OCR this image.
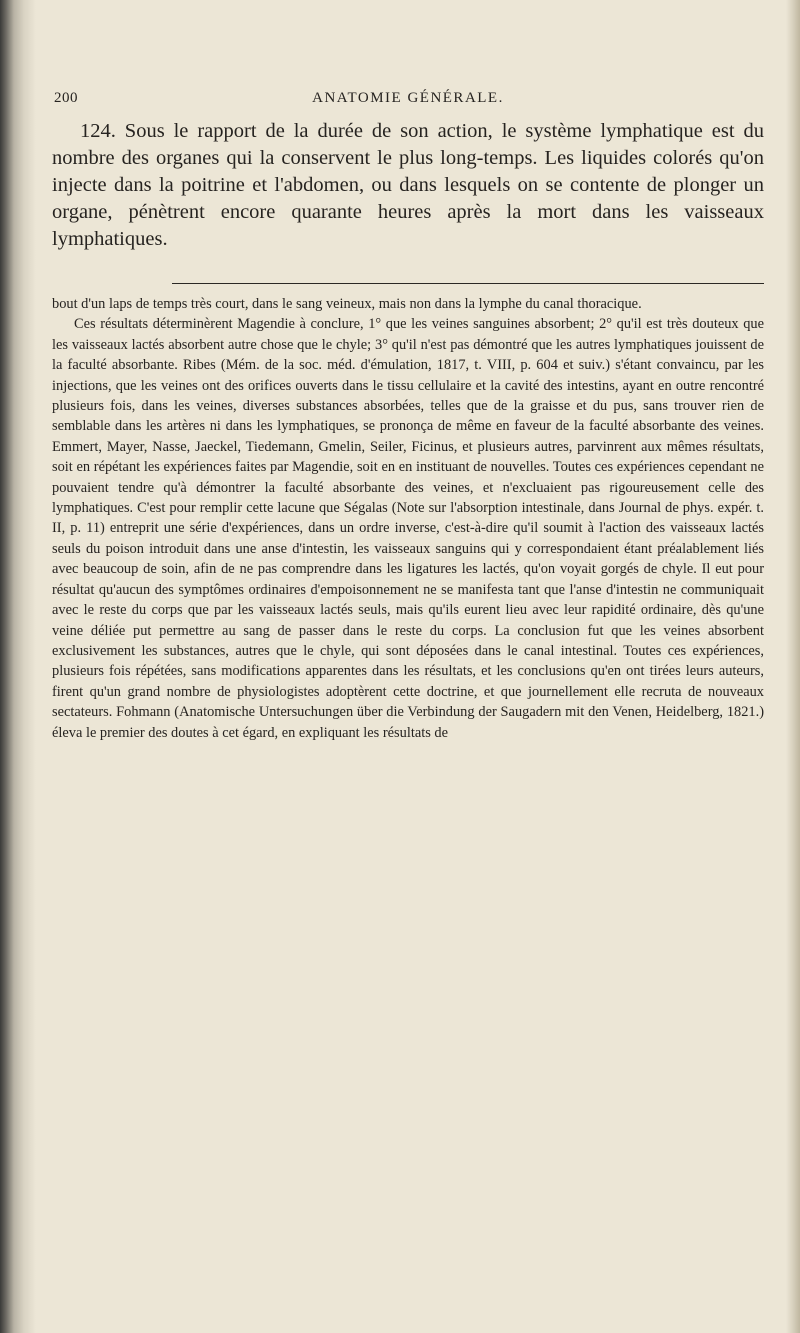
200	ANATOMIE GÉNÉRALE.

124. Sous le rapport de la durée de son action, le système lymphatique est du nombre des organes qui la conservent le plus long-temps. Les liquides colorés qu'on injecte dans la poitrine et l'abdomen, ou dans lesquels on se contente de plonger un organe, pénètrent encore quarante heures après la mort dans les vaisseaux lymphatiques.

bout d'un laps de temps très court, dans le sang veineux, mais non dans la lymphe du canal thoracique.

Ces résultats déterminèrent Magendie à conclure, 1° que les veines sanguines absorbent; 2° qu'il est très douteux que les vaisseaux lactés absorbent autre chose que le chyle; 3° qu'il n'est pas démontré que les autres lymphatiques jouissent de la faculté absorbante. Ribes (Mém. de la soc. méd. d'émulation, 1817, t. VIII, p. 604 et suiv.) s'étant convaincu, par les injections, que les veines ont des orifices ouverts dans le tissu cellulaire et la cavité des intestins, ayant en outre rencontré plusieurs fois, dans les veines, diverses substances absorbées, telles que de la graisse et du pus, sans trouver rien de semblable dans les artères ni dans les lymphatiques, se prononça de même en faveur de la faculté absorbante des veines. Emmert, Mayer, Nasse, Jaeckel, Tiedemann, Gmelin, Seiler, Ficinus, et plusieurs autres, parvinrent aux mêmes résultats, soit en répétant les expériences faites par Magendie, soit en en instituant de nouvelles. Toutes ces expériences cependant ne pouvaient tendre qu'à démontrer la faculté absorbante des veines, et n'excluaient pas rigoureusement celle des lymphatiques. C'est pour remplir cette lacune que Ségalas (Note sur l'absorption intestinale, dans Journal de phys. expér. t. II, p. 11) entreprit une série d'expériences, dans un ordre inverse, c'est-à-dire qu'il soumit à l'action des vaisseaux lactés seuls du poison introduit dans une anse d'intestin, les vaisseaux sanguins qui y correspondaient étant préalablement liés avec beaucoup de soin, afin de ne pas comprendre dans les ligatures les lactés, qu'on voyait gorgés de chyle. Il eut pour résultat qu'aucun des symptômes ordinaires d'empoisonnement ne se manifesta tant que l'anse d'intestin ne communiquait avec le reste du corps que par les vaisseaux lactés seuls, mais qu'ils eurent lieu avec leur rapidité ordinaire, dès qu'une veine déliée put permettre au sang de passer dans le reste du corps. La conclusion fut que les veines absorbent exclusivement les substances, autres que le chyle, qui sont déposées dans le canal intestinal. Toutes ces expériences, plusieurs fois répétées, sans modifications apparentes dans les résultats, et les conclusions qu'en ont tirées leurs auteurs, firent qu'un grand nombre de physiologistes adoptèrent cette doctrine, et que journellement elle recruta de nouveaux sectateurs. Fohmann (Anatomische Untersuchungen über die Verbindung der Saugadern mit den Venen, Heidelberg, 1821.) éleva le premier des doutes à cet égard, en expliquant les résultats de
